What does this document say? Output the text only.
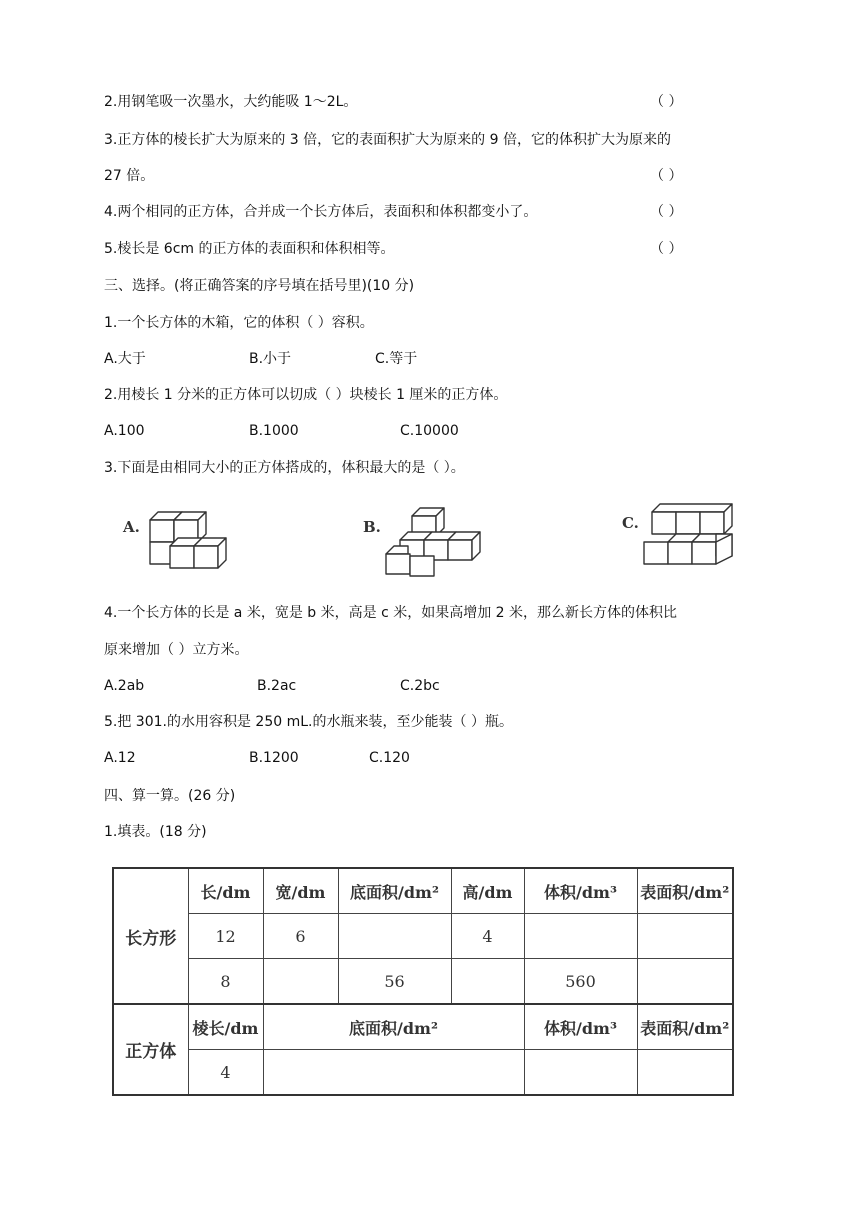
2.用钢笔吸一次墨水，大约能吸 1～2L。	（ ）
3.正方体的棱长扩大为原来的 3 倍，它的表面积扩大为原来的 9 倍，它的体积扩大为原来的
27 倍。	（ ）
4.两个相同的正方体，合并成一个长方体后，表面积和体积都变小了。	（ ）
5.棱长是 6cm 的正方体的表面积和体积相等。	（ ）
三、选择。(将正确答案的序号填在括号里)(10 分)
1.一个长方体的木箱，它的体积（ ）容积。
A.大于	B.小于	C.等于
2.用棱长 1 分米的正方体可以切成（ ）块棱长 1 厘米的正方体。
A.100	B.1000	C.10000
3.下面是由相同大小的正方体搭成的，体积最大的是（ ）。
A.	B.	C.
4.一个长方体的长是 a 米，宽是 b 米，高是 c 米，如果高增加 2 米，那么新长方体的体积比
原来增加（ ）立方米。
A.2ab	B.2ac	C.2bc
5.把 301.的水用容积是 250 mL.的水瓶来装，至少能装（ ）瓶。
A.12	B.1200	C.120
四、算一算。(26 分)
1.填表。(18 分)
长方形	长/dm	宽/dm	底面积/dm²	高/dm	体积/dm³	表面积/dm²
	12	6		4		
	8		56		560	
正方体	棱长/dm	底面积/dm²			体积/dm³	表面积/dm²
	4					
